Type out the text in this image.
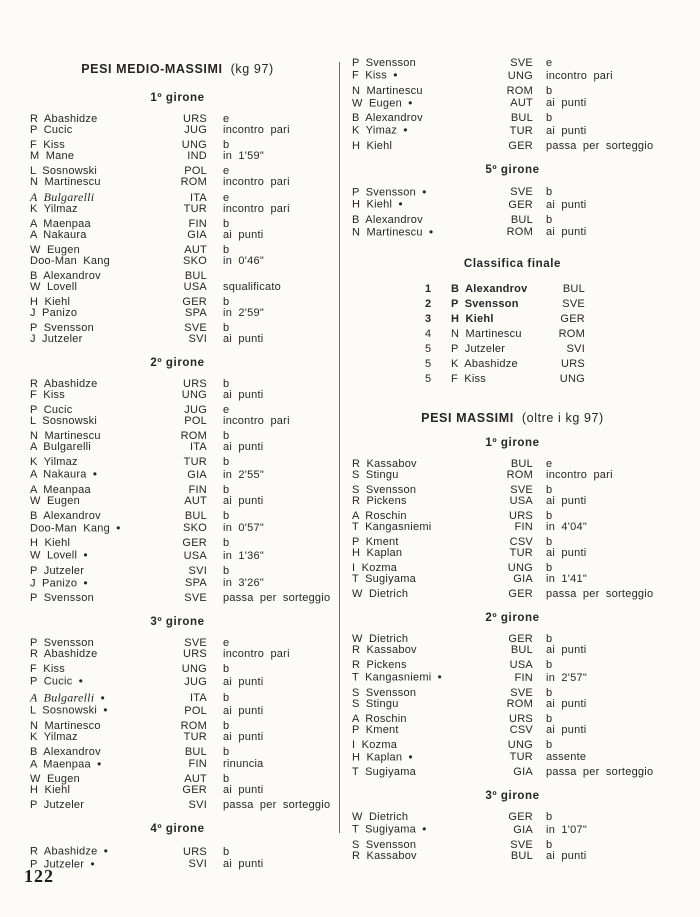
PESI MEDIO-MASSIMI (kg 97)
1º girone
R Abashidze	URS e
P Cucic	JUG incontro pari
F Kiss	UNG b
M Mane	IND in 1'59"
L Sosnowski	POL e
N Martinescu	ROM incontro pari
A Bulgarelli	ITA e
K Yilmaz	TUR incontro pari
A Maenpaa	FIN b
A Nakaura	GIA ai punti
W Eugen	AUT b
Doo-Man Kang	SKO in 0'46"
B Alexandrov	BUL
W Lovell	USA squalificato
H Kiehl	GER b
J Panizo	SPA in 2'59"
P Svensson	SVE b
J Jutzeler	SVI ai punti
2º girone
R Abashidze	URS b
F Kiss	UNG ai punti
P Cucic	JUG e
L Sosnowski	POL incontro pari
N Martinescu	ROM b
A Bulgarelli	ITA ai punti
K Yilmaz	TUR b
A Nakaura ●	GIA in 2'55"
A Meanpaa	FIN b
W Eugen	AUT ai punti
B Alexandrov	BUL b
Doo-Man Kang ●	SKO in 0'57"
H Kiehl	GER b
W Lovell ●	USA in 1'36"
P Jutzeler	SVI b
J Panizo ●	SPA in 3'26"
P Svensson	SVE passa per sorteggio
3º girone
P Svensson	SVE e
R Abashidze	URS incontro pari
F Kiss	UNG b
P Cucic ●	JUG ai punti
A Bulgarelli ●	ITA b
L Sosnowski ●	POL ai punti
N Martinesco	ROM b
K Yilmaz	TUR ai punti
B Alexandrov	BUL b
A Maenpaa ●	FIN rinuncia
W Eugen	AUT b
H Kiehl	GER ai punti
P Jutzeler	SVI passa per sorteggio
4º girone
R Abashidze ●	URS b
P Jutzeler ●	SVI ai punti
P Svensson	SVE e
F Kiss ●	UNG incontro pari
N Martinescu	ROM b
W Eugen ●	AUT ai punti
B Alexandrov	BUL b
K Yimaz ●	TUR ai punti
H Kiehl	GER passa per sorteggio
5º girone
P Svensson ●	SVE b
H Kiehl ●	GER ai punti
B Alexandrov	BUL b
N Martinescu ●	ROM ai punti
Classifica finale
1	B Alexandrov	BUL
2	P Svensson	SVE
3	H Kiehl	GER
4	N Martinescu	ROM
5	P Jutzeler	SVI
5	K Abashidze	URS
5	F Kiss	UNG
PESI MASSIMI (oltre i kg 97)
1º girone
R Kassabov	BUL e
S Stingu	ROM incontro pari
S Svensson	SVE b
R Pickens	USA ai punti
A Roschin	URS b
T Kangasniemi	FIN in 4'04"
P Kment	CSV b
H Kaplan	TUR ai punti
I Kozma	UNG b
T Sugiyama	GIA in 1'41"
W Dietrich	GER passa per sorteggio
2º girone
W Dietrich	GER b
R Kassabov	BUL ai punti
R Pickens	USA b
T Kangasniemi ●	FIN in 2'57"
S Svensson	SVE b
S Stingu	ROM ai punti
A Roschin	URS b
P Kment	CSV ai punti
I Kozma	UNG b
H Kaplan ●	TUR assente
T Sugiyama	GIA passa per sorteggio
3º girone
W Dietrich	GER b
T Sugiyama ●	GIA in 1'07"
S Svensson	SVE b
R Kassabov	BUL ai punti
122
